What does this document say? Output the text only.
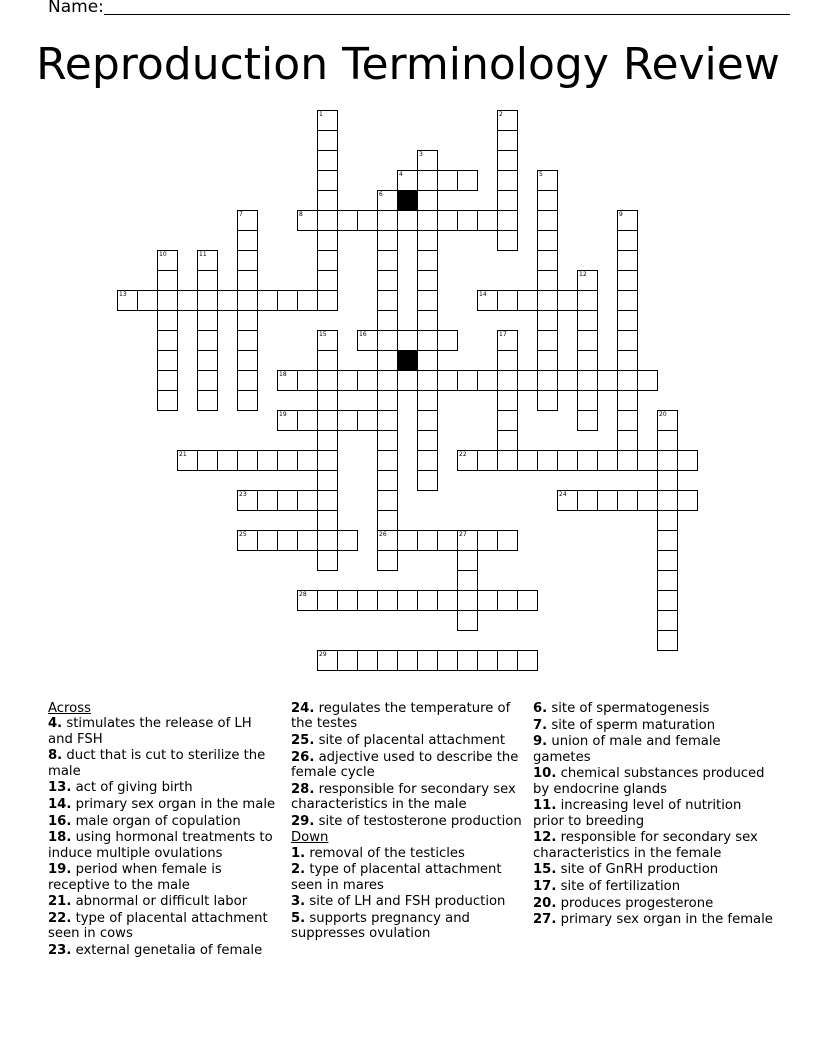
Name:
Reproduction Terminology Review
1	2
3
5
6
26
7	9
10	11
12
15	17
20
27
4
8
13	14
16
18
19
21	22
23	24
25
28
29
Across
4. stimulates the release of LH and FSH
8. duct that is cut to sterilize the male
13. act of giving birth
14. primary sex organ in the male
16. male organ of copulation
18. using hormonal treatments to induce multiple ovulations
19. period when female is receptive to the male
21. abnormal or difficult labor
22. type of placental attachment seen in cows
23. external genetalia of female
24. regulates the temperature of the testes
25. site of placental attachment
26. adjective used to describe the female cycle
28. responsible for secondary sex characteristics in the male
29. site of testosterone production
Down
1. removal of the testicles
2. type of placental attachment seen in mares
3. site of LH and FSH production
5. supports pregnancy and suppresses ovulation
6. site of spermatogenesis
7. site of sperm maturation
9. union of male and female gametes
10. chemical substances produced by endocrine glands
11. increasing level of nutrition prior to breeding
12. responsible for secondary sex characteristics in the female
15. site of GnRH production
17. site of fertilization
20. produces progesterone
27. primary sex organ in the female
